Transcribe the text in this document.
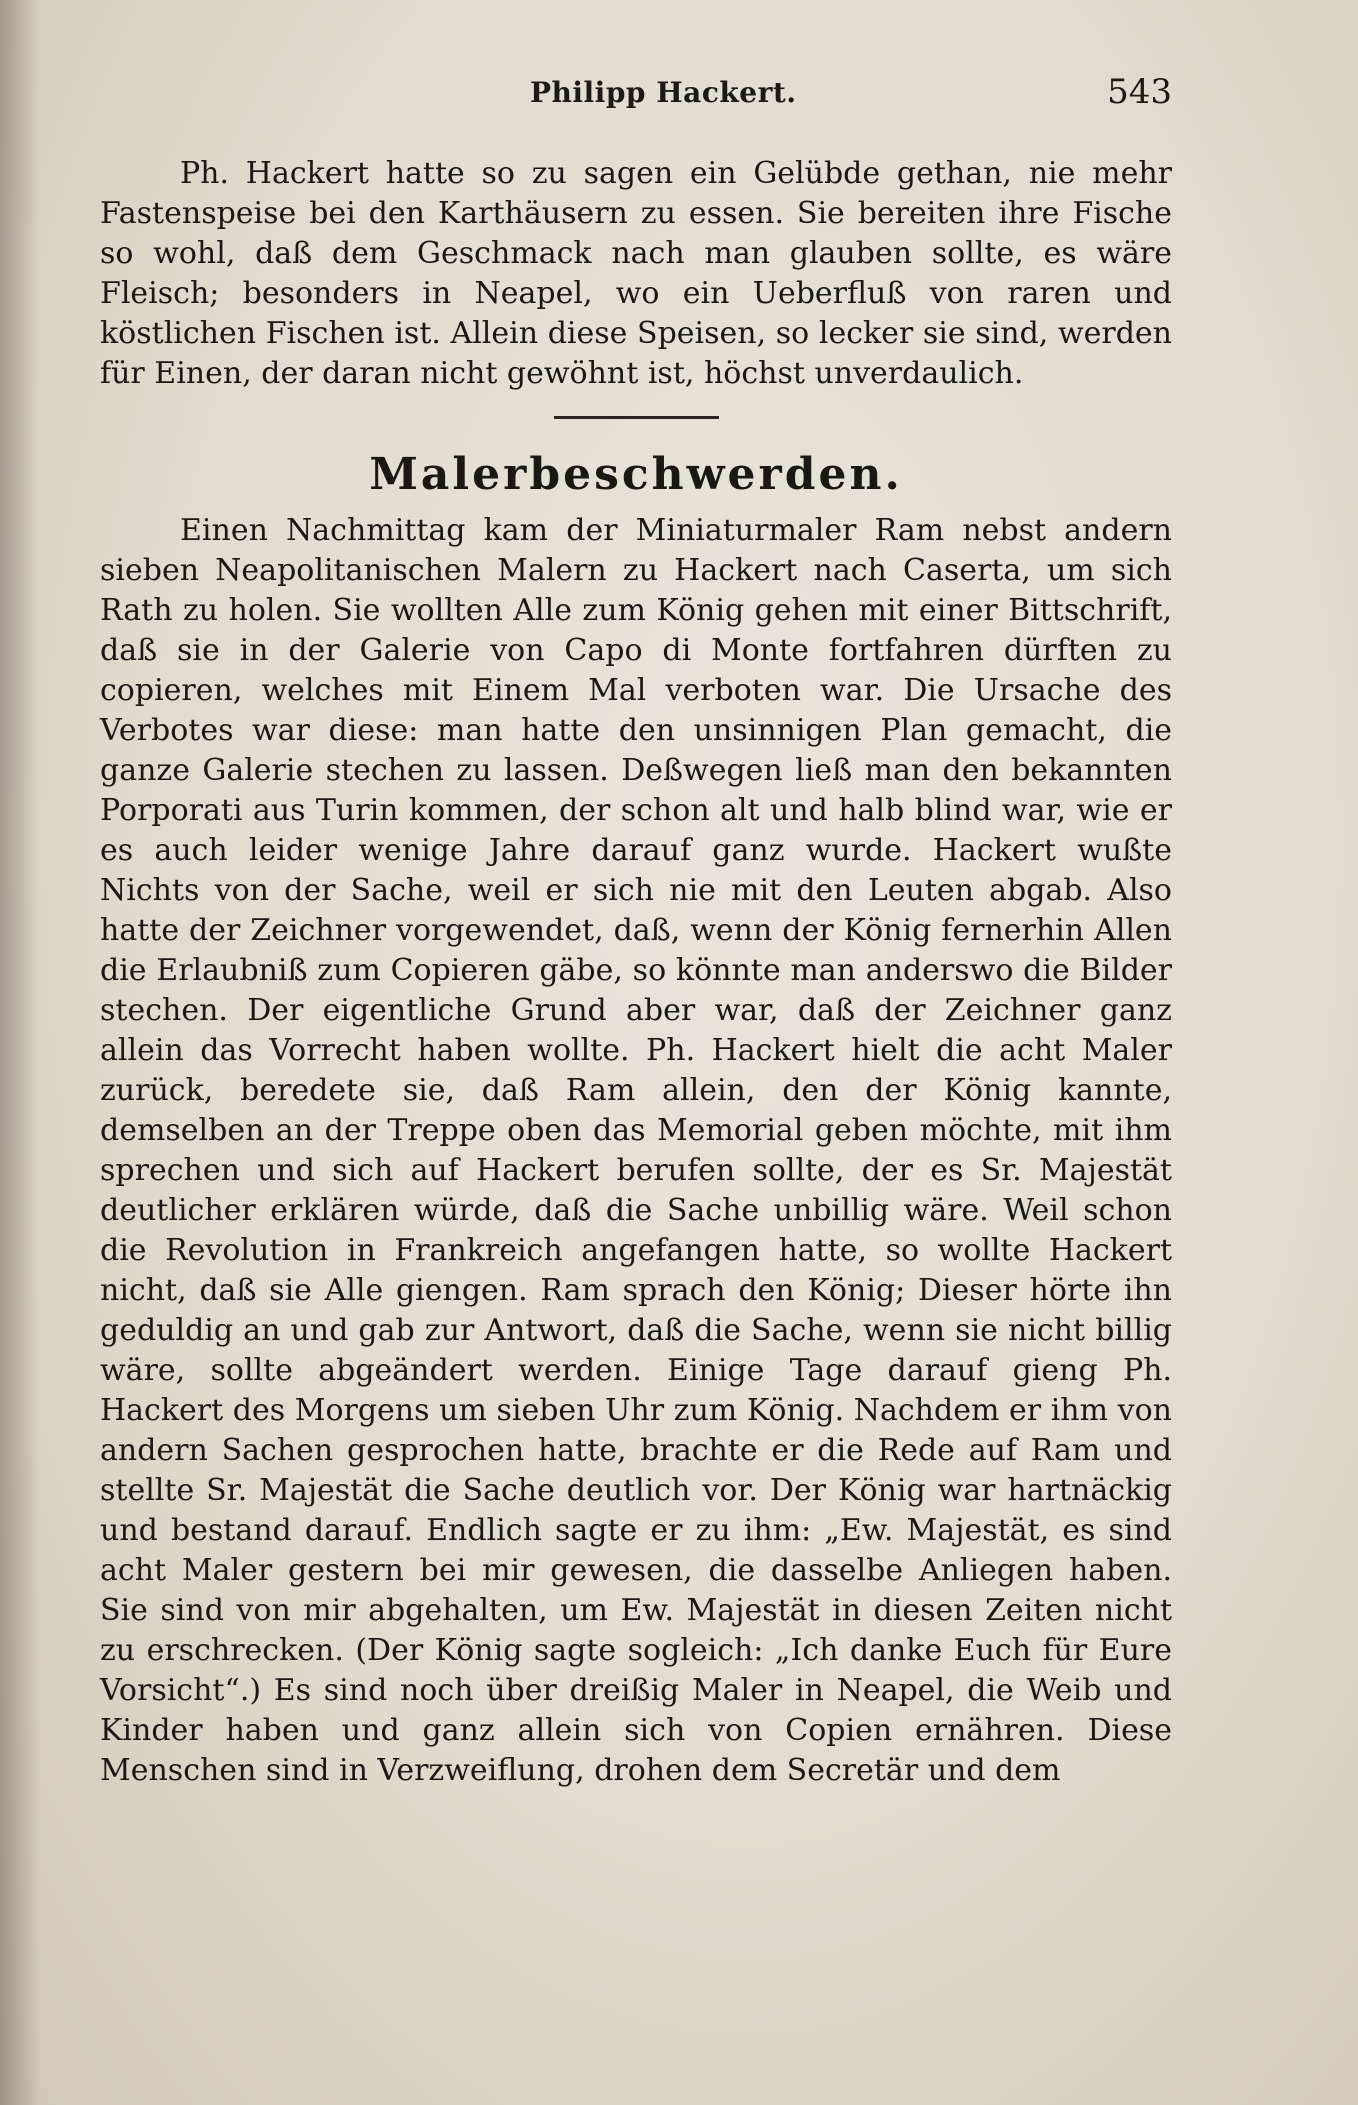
Philipp Hackert.	543

Ph. Hackert hatte so zu sagen ein Gelübde gethan, nie mehr Fastenspeise bei den Karthäusern zu essen. Sie bereiten ihre Fische so wohl, daß dem Geschmack nach man glauben sollte, es wäre Fleisch; besonders in Neapel, wo ein Ueberfluß von raren und köstlichen Fischen ist. Allein diese Speisen, so lecker sie sind, werden für Einen, der daran nicht gewöhnt ist, höchst unverdaulich.

Malerbeschwerden.

Einen Nachmittag kam der Miniaturmaler Ram nebst andern sieben Neapolitanischen Malern zu Hackert nach Caserta, um sich Rath zu holen. Sie wollten Alle zum König gehen mit einer Bittschrift, daß sie in der Galerie von Capo di Monte fortfahren dürften zu copieren, welches mit Einem Mal verboten war. Die Ursache des Verbotes war diese: man hatte den unsinnigen Plan gemacht, die ganze Galerie stechen zu lassen. Deßwegen ließ man den bekannten Porporati aus Turin kommen, der schon alt und halb blind war, wie er es auch leider wenige Jahre darauf ganz wurde. Hackert wußte Nichts von der Sache, weil er sich nie mit den Leuten abgab. Also hatte der Zeichner vorgewendet, daß, wenn der König fernerhin Allen die Erlaubniß zum Copieren gäbe, so könnte man anderswo die Bilder stechen. Der eigentliche Grund aber war, daß der Zeichner ganz allein das Vorrecht haben wollte. Ph. Hackert hielt die acht Maler zurück, beredete sie, daß Ram allein, den der König kannte, demselben an der Treppe oben das Memorial geben möchte, mit ihm sprechen und sich auf Hackert berufen sollte, der es Sr. Majestät deutlicher erklären würde, daß die Sache unbillig wäre. Weil schon die Revolution in Frankreich angefangen hatte, so wollte Hackert nicht, daß sie Alle giengen. Ram sprach den König; Dieser hörte ihn geduldig an und gab zur Antwort, daß die Sache, wenn sie nicht billig wäre, sollte abgeändert werden. Einige Tage darauf gieng Ph. Hackert des Morgens um sieben Uhr zum König. Nachdem er ihm von andern Sachen gesprochen hatte, brachte er die Rede auf Ram und stellte Sr. Majestät die Sache deutlich vor. Der König war hartnäckig und bestand darauf. Endlich sagte er zu ihm: „Ew. Majestät, es sind acht Maler gestern bei mir gewesen, die dasselbe Anliegen haben. Sie sind von mir abgehalten, um Ew. Majestät in diesen Zeiten nicht zu erschrecken. (Der König sagte sogleich: „Ich danke Euch für Eure Vorsicht“.) Es sind noch über dreißig Maler in Neapel, die Weib und Kinder haben und ganz allein sich von Copien ernähren. Diese Menschen sind in Verzweiflung, drohen dem Secretär und dem
